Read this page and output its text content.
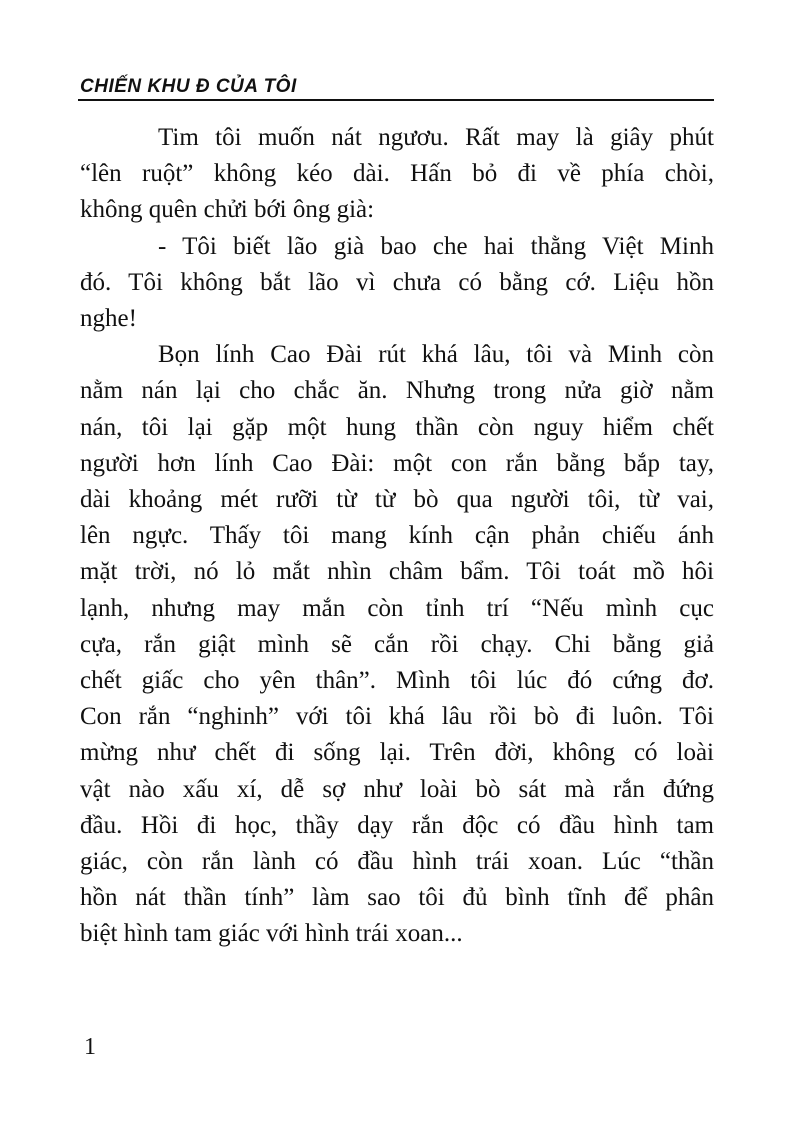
CHIẾN KHU Đ CỦA TÔI
Tim tôi muốn nát ngươu. Rất may là giây phút
“lên ruột” không kéo dài. Hấn bỏ đi về phía chòi,
không quên chửi bới ông già:
- Tôi biết lão già bao che hai thằng Việt Minh
đó. Tôi không bắt lão vì chưa có bằng cớ. Liệu hồn
nghe!
Bọn lính Cao Đài rút khá lâu, tôi và Minh còn
nằm nán lại cho chắc ăn. Nhưng trong nửa giờ nằm
nán, tôi lại gặp một hung thần còn nguy hiểm chết
người hơn lính Cao Đài: một con rắn bằng bắp tay,
dài khoảng mét rưỡi từ từ bò qua người tôi, từ vai,
lên ngực. Thấy tôi mang kính cận phản chiếu ánh
mặt trời, nó lỏ mắt nhìn châm bẩm. Tôi toát mồ hôi
lạnh, nhưng may mắn còn tỉnh trí “Nếu mình cục
cựa, rắn giật mình sẽ cắn rồi chạy. Chi bằng giả
chết giấc cho yên thân”. Mình tôi lúc đó cứng đơ.
Con rắn “nghinh” với tôi khá lâu rồi bò đi luôn. Tôi
mừng như chết đi sống lại. Trên đời, không có loài
vật nào xấu xí, dễ sợ như loài bò sát mà rắn đứng
đầu. Hồi đi học, thầy dạy rắn độc có đầu hình tam
giác, còn rắn lành có đầu hình trái xoan. Lúc “thần
hồn nát thần tính” làm sao tôi đủ bình tĩnh để phân
biệt hình tam giác với hình trái xoan...
1
